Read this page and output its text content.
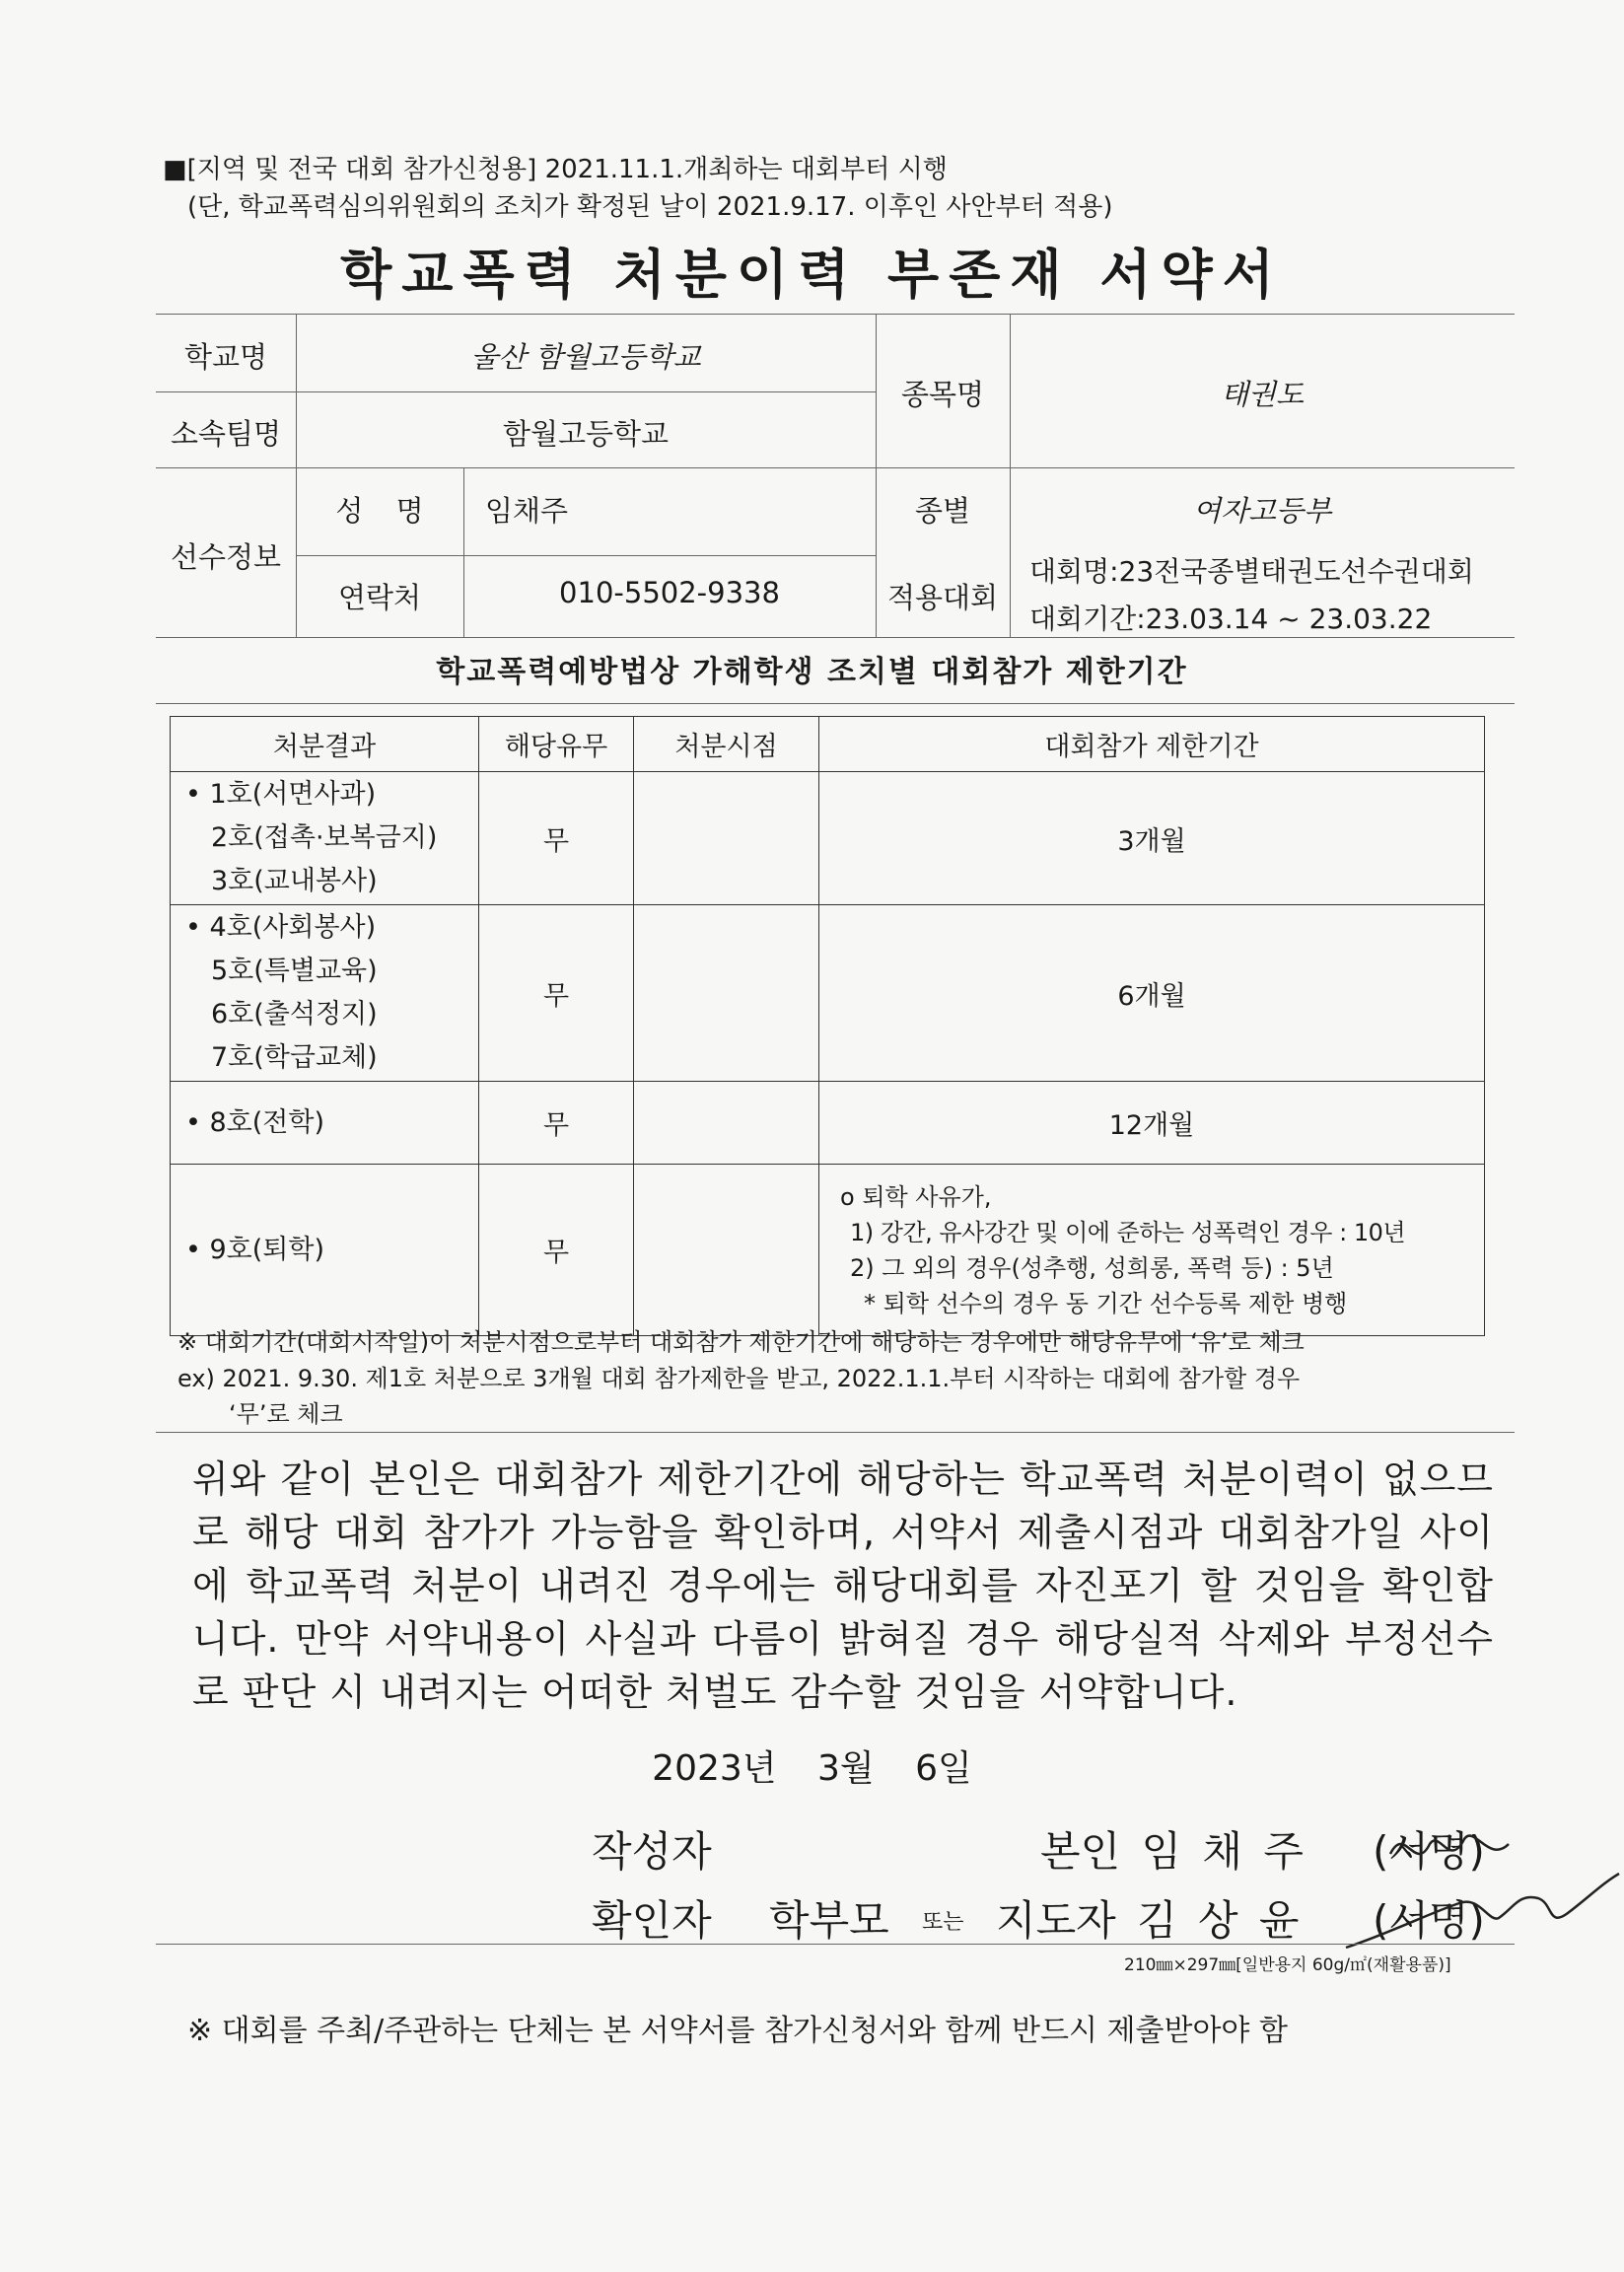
■[지역 및 전국 대회 참가신청용] 2021.11.1.개최하는 대회부터 시행
(단, 학교폭력심의위원회의 조치가 확정된 날이 2021.9.17. 이후인 사안부터 적용)
학교폭력 처분이력 부존재 서약서
학교명	울산 함월고등학교
소속팀명	함월고등학교
종목명	태권도
선수정보
성 명	임채주
연락처	010-5502-9338
종별	여자고등부
적용대회
대회명:23전국종별태권도선수권대회
대회기간:23.03.14 ~ 23.03.22
학교폭력예방법상 가해학생 조치별 대회참가 제한기간
처분결과	해당유무	처분시점	대회참가 제한기간

• 1호(서면사과)
2호(접촉·보복금지)
3호(교내봉사)	무		3개월

• 4호(사회봉사)
5호(특별교육)
6호(출석정지)
7호(학급교체)	무		6개월

• 8호(전학)	무		12개월

• 9호(퇴학)	무		o 퇴학 사유가,
1) 강간, 유사강간 및 이에 준하는 성폭력인 경우 : 10년
2) 그 외의 경우(성추행, 성희롱, 폭력 등) : 5년
* 퇴학 선수의 경우 동 기간 선수등록 제한 병행
※ 대회기간(대회시작일)이 처분시점으로부터 대회참가 제한기간에 해당하는 경우에만 해당유무에 ‘유’로 체크
ex) 2021. 9.30. 제1호 처분으로 3개월 대회 참가제한을 받고, 2022.1.1.부터 시작하는 대회에 참가할 경우
‘무’로 체크
위와 같이 본인은 대회참가 제한기간에 해당하는 학교폭력 처분이력이 없으므로 해당 대회 참가가 가능함을 확인하며, 서약서 제출시점과 대회참가일 사이에 학교폭력 처분이 내려진 경우에는 해당대회를 자진포기 할 것임을 확인합니다. 만약 서약내용이 사실과 다름이 밝혀질 경우 해당실적 삭제와 부정선수로 판단 시 내려지는 어떠한 처벌도 감수할 것임을 서약합니다.
2023년 3월 6일
작성자	본인 임 채 주 (서명)
확인자 학부모 또는 지도자 김 상 윤 (서명)
210㎜×297㎜[일반용지 60g/㎡(재활용품)]
※ 대회를 주최/주관하는 단체는 본 서약서를 참가신청서와 함께 반드시 제출받아야 함
